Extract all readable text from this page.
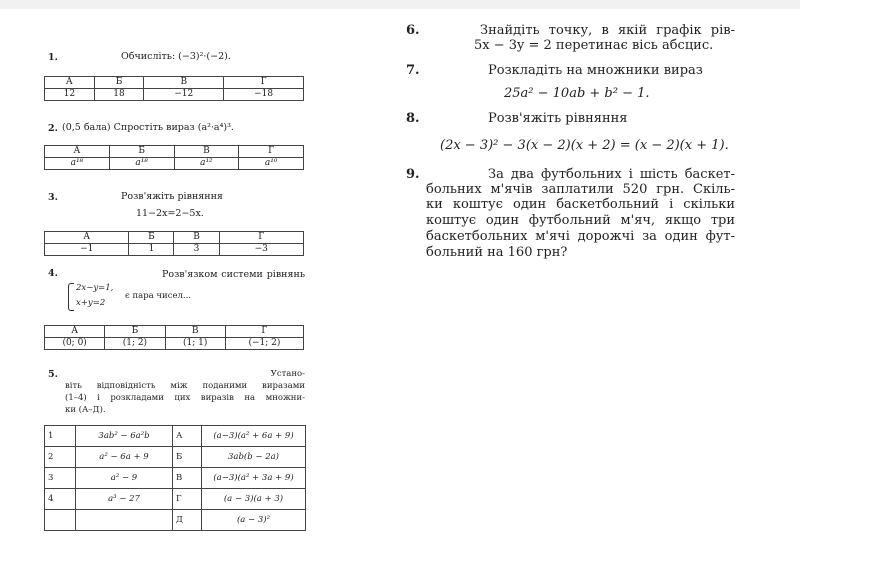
1.	Обчисліть: (−3)²·(−2).
А	Б	В	Г
12	18	−12	−18
2. (0,5 бала) Спростіть вираз (a²·a⁴)³.
А	Б	В	Г
a¹⁸	a¹⁸	a¹²	a¹⁰
3.	Розв'яжіть рівняння
11−2x=2−5x.
А	Б	В	Г
−1	1	3	−3
4.	Розв'язком системи рівнянь
2x−y=1,
x+y=2
є пара чисел...
А	Б	В	Г
(0; 0)	(1; 2)	(1; 1)	(−1; 2)
5.	Устано-
віть відповідність між поданими виразами
(1–4) і розкладами цих виразів на множни-
ки (А–Д).
1	3ab² − 6a²b	А	(a−3)(a² + 6a + 9)
2	a² − 6a + 9	Б	3ab(b − 2a)
3	a² − 9	В	(a−3)(a² + 3a + 9)
4	a³ − 27	Г	(a − 3)(a + 3)
		Д	(a − 3)²
6.	Знайдіть точку, в якій графік рів-
5x − 3y = 2 перетинає вісь абсцис.
7.	Розкладіть на множники вираз
25a² − 10ab + b² − 1.
8.	Розв'яжіть рівняння
(2x − 3)² − 3(x − 2)(x + 2) = (x − 2)(x + 1).
9.	За два футбольних і шість баскет-
больних м'ячів заплатили 520 грн. Скіль-
ки коштує один баскетбольний і скільки
коштує один футбольний м'яч, якщо три
баскетбольних м'ячі дорожчі за один фут-
больний на 160 грн?
